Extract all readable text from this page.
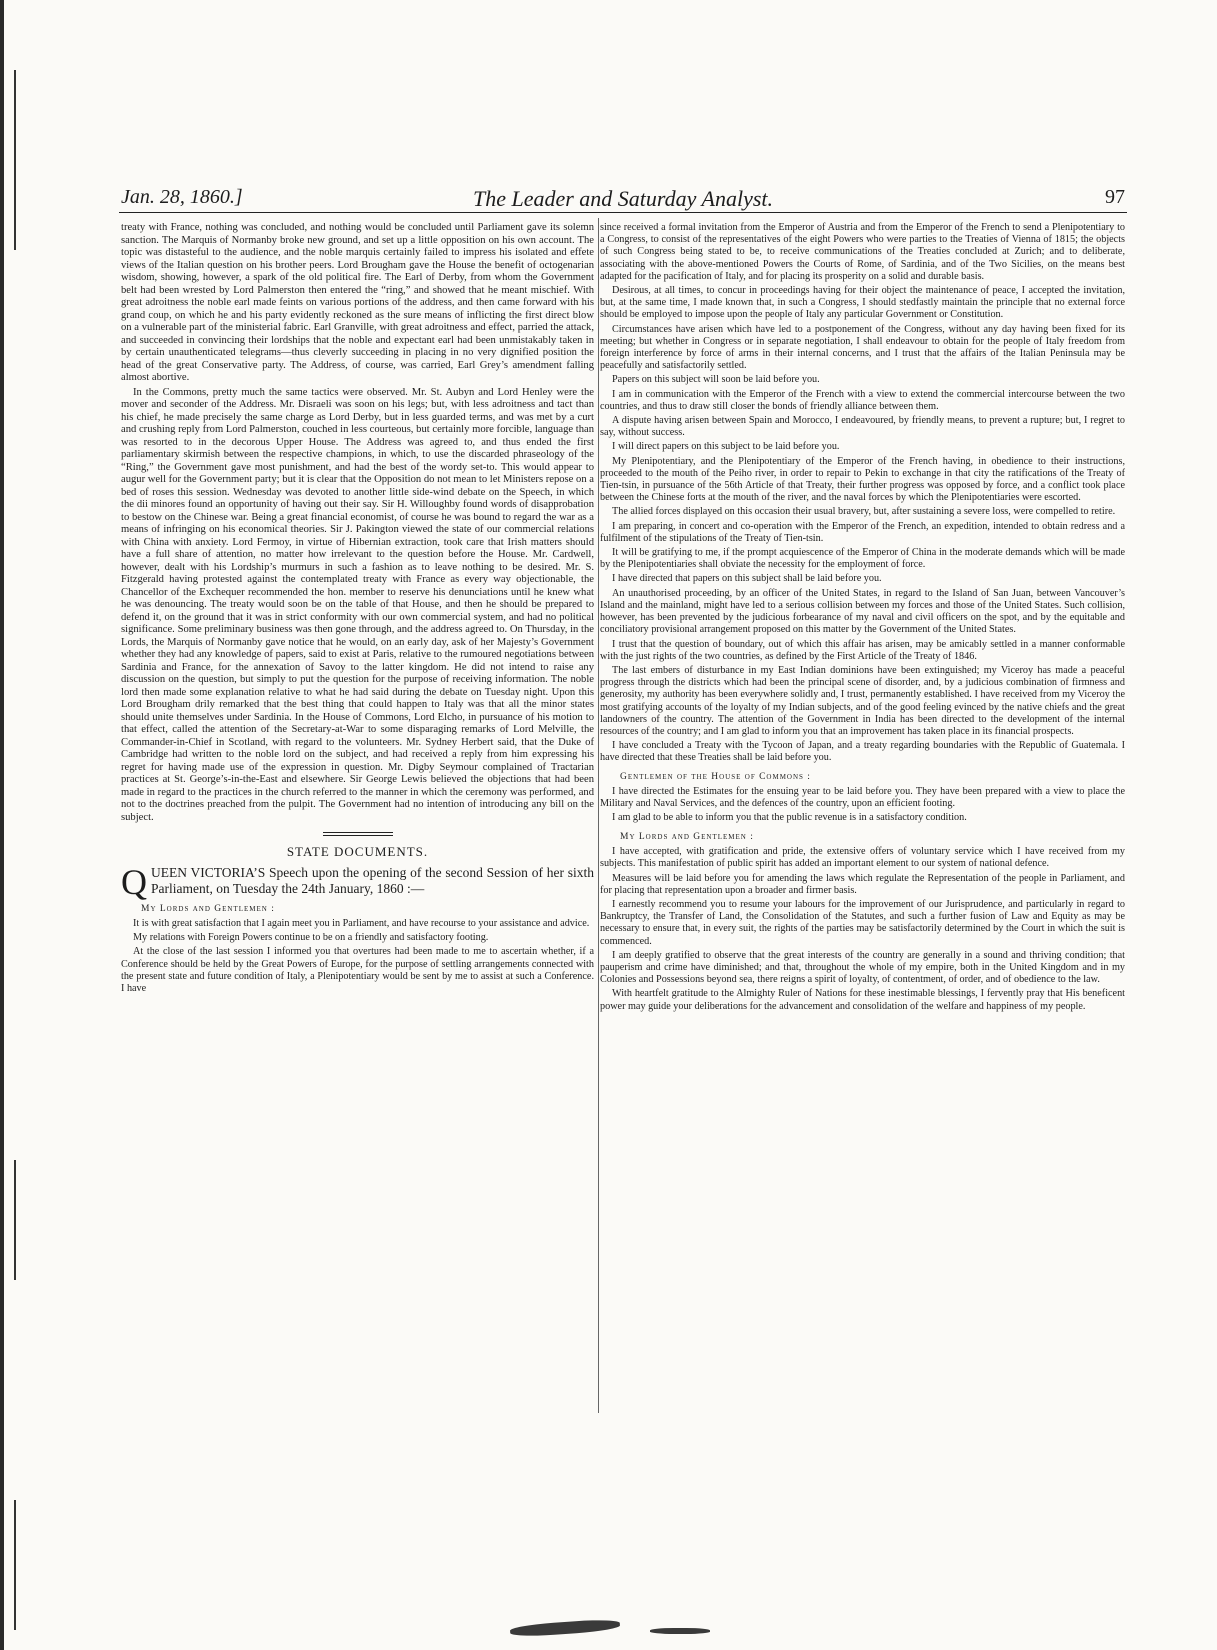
Jan. 28, 1860.]	The Leader and Saturday Analyst.	97

treaty with France, nothing was concluded, and nothing would be concluded until Parliament gave its solemn sanction. The Marquis of Normanby broke new ground, and set up a little opposition on his own account. The topic was distasteful to the audience, and the noble marquis certainly failed to impress his isolated and effete views of the Italian question on his brother peers. Lord Brougham gave the House the benefit of octogenarian wisdom, showing, however, a spark of the old political fire. The Earl of Derby, from whom the Government belt had been wrested by Lord Palmerston then entered the “ring,” and showed that he meant mischief. With great adroitness the noble earl made feints on various portions of the address, and then came forward with his grand coup, on which he and his party evidently reckoned as the sure means of inflicting the first direct blow on a vulnerable part of the ministerial fabric. Earl Granville, with great adroitness and effect, parried the attack, and succeeded in convincing their lordships that the noble and expectant earl had been unmistakably taken in by certain unauthenticated telegrams—thus cleverly succeeding in placing in no very dignified position the head of the great Conservative party. The Address, of course, was carried, Earl Grey’s amendment falling almost abortive.

In the Commons, pretty much the same tactics were observed. Mr. St. Aubyn and Lord Henley were the mover and seconder of the Address. Mr. Disraeli was soon on his legs; but, with less adroitness and tact than his chief, he made precisely the same charge as Lord Derby, but in less guarded terms, and was met by a curt and crushing reply from Lord Palmerston, couched in less courteous, but certainly more forcible, language than was resorted to in the decorous Upper House. The Address was agreed to, and thus ended the first parliamentary skirmish between the respective champions, in which, to use the discarded phraseology of the “Ring,” the Government gave most punishment, and had the best of the wordy set-to. This would appear to augur well for the Government party; but it is clear that the Opposition do not mean to let Ministers repose on a bed of roses this session. Wednesday was devoted to another little side-wind debate on the Speech, in which the dii minores found an opportunity of having out their say. Sir H. Willoughby found words of disapprobation to bestow on the Chinese war. Being a great financial economist, of course he was bound to regard the war as a means of infringing on his economical theories. Sir J. Pakington viewed the state of our commercial relations with China with anxiety. Lord Fermoy, in virtue of Hibernian extraction, took care that Irish matters should have a full share of attention, no matter how irrelevant to the question before the House. Mr. Cardwell, however, dealt with his Lordship’s murmurs in such a fashion as to leave nothing to be desired. Mr. S. Fitzgerald having protested against the contemplated treaty with France as every way objectionable, the Chancellor of the Exchequer recommended the hon. member to reserve his denunciations until he knew what he was denouncing. The treaty would soon be on the table of that House, and then he should be prepared to defend it, on the ground that it was in strict conformity with our own commercial system, and had no political significance. Some preliminary business was then gone through, and the address agreed to. On Thursday, in the Lords, the Marquis of Normanby gave notice that he would, on an early day, ask of her Majesty’s Government whether they had any knowledge of papers, said to exist at Paris, relative to the rumoured negotiations between Sardinia and France, for the annexation of Savoy to the latter kingdom. He did not intend to raise any discussion on the question, but simply to put the question for the purpose of receiving information. The noble lord then made some explanation relative to what he had said during the debate on Tuesday night. Upon this Lord Brougham drily remarked that the best thing that could happen to Italy was that all the minor states should unite themselves under Sardinia. In the House of Commons, Lord Elcho, in pursuance of his motion to that effect, called the attention of the Secretary-at-War to some disparaging remarks of Lord Melville, the Commander-in-Chief in Scotland, with regard to the volunteers. Mr. Sydney Herbert said, that the Duke of Cambridge had written to the noble lord on the subject, and had received a reply from him expressing his regret for having made use of the expression in question. Mr. Digby Seymour complained of Tractarian practices at St. George’s-in-the-East and elsewhere. Sir George Lewis believed the objections that had been made in regard to the practices in the church referred to the manner in which the ceremony was performed, and not to the doctrines preached from the pulpit. The Government had no intention of introducing any bill on the subject.

STATE DOCUMENTS.

QUEEN VICTORIA’S Speech upon the opening of the second Session of her sixth Parliament, on Tuesday the 24th January, 1860 :—

My Lords and Gentlemen :

It is with great satisfaction that I again meet you in Parliament, and have recourse to your assistance and advice.

My relations with Foreign Powers continue to be on a friendly and satisfactory footing.

At the close of the last session I informed you that overtures had been made to me to ascertain whether, if a Conference should be held by the Great Powers of Europe, for the purpose of settling arrangements connected with the present state and future condition of Italy, a Plenipotentiary would be sent by me to assist at such a Conference. I have

since received a formal invitation from the Emperor of Austria and from the Emperor of the French to send a Plenipotentiary to a Congress, to consist of the representatives of the eight Powers who were parties to the Treaties of Vienna of 1815; the objects of such Congress being stated to be, to receive communications of the Treaties concluded at Zurich; and to deliberate, associating with the above-mentioned Powers the Courts of Rome, of Sardinia, and of the Two Sicilies, on the means best adapted for the pacification of Italy, and for placing its prosperity on a solid and durable basis.

Desirous, at all times, to concur in proceedings having for their object the maintenance of peace, I accepted the invitation, but, at the same time, I made known that, in such a Congress, I should stedfastly maintain the principle that no external force should be employed to impose upon the people of Italy any particular Government or Constitution.

Circumstances have arisen which have led to a postponement of the Congress, without any day having been fixed for its meeting; but whether in Congress or in separate negotiation, I shall endeavour to obtain for the people of Italy freedom from foreign interference by force of arms in their internal concerns, and I trust that the affairs of the Italian Peninsula may be peacefully and satisfactorily settled.

Papers on this subject will soon be laid before you.

I am in communication with the Emperor of the French with a view to extend the commercial intercourse between the two countries, and thus to draw still closer the bonds of friendly alliance between them.

A dispute having arisen between Spain and Morocco, I endeavoured, by friendly means, to prevent a rupture; but, I regret to say, without success.

I will direct papers on this subject to be laid before you.

My Plenipotentiary, and the Plenipotentiary of the Emperor of the French having, in obedience to their instructions, proceeded to the mouth of the Peiho river, in order to repair to Pekin to exchange in that city the ratifications of the Treaty of Tien-tsin, in pursuance of the 56th Article of that Treaty, their further progress was opposed by force, and a conflict took place between the Chinese forts at the mouth of the river, and the naval forces by which the Plenipotentiaries were escorted.

The allied forces displayed on this occasion their usual bravery, but, after sustaining a severe loss, were compelled to retire.

I am preparing, in concert and co-operation with the Emperor of the French, an expedition, intended to obtain redress and a fulfilment of the stipulations of the Treaty of Tien-tsin.

It will be gratifying to me, if the prompt acquiescence of the Emperor of China in the moderate demands which will be made by the Plenipotentiaries shall obviate the necessity for the employment of force.

I have directed that papers on this subject shall be laid before you.

An unauthorised proceeding, by an officer of the United States, in regard to the Island of San Juan, between Vancouver’s Island and the mainland, might have led to a serious collision between my forces and those of the United States. Such collision, however, has been prevented by the judicious forbearance of my naval and civil officers on the spot, and by the equitable and conciliatory provisional arrangement proposed on this matter by the Government of the United States.

I trust that the question of boundary, out of which this affair has arisen, may be amicably settled in a manner conformable with the just rights of the two countries, as defined by the First Article of the Treaty of 1846.

The last embers of disturbance in my East Indian dominions have been extinguished; my Viceroy has made a peaceful progress through the districts which had been the principal scene of disorder, and, by a judicious combination of firmness and generosity, my authority has been everywhere solidly and, I trust, permanently established. I have received from my Viceroy the most gratifying accounts of the loyalty of my Indian subjects, and of the good feeling evinced by the native chiefs and the great landowners of the country. The attention of the Government in India has been directed to the development of the internal resources of the country; and I am glad to inform you that an improvement has taken place in its financial prospects.

I have concluded a Treaty with the Tycoon of Japan, and a treaty regarding boundaries with the Republic of Guatemala. I have directed that these Treaties shall be laid before you.

Gentlemen of the House of Commons :

I have directed the Estimates for the ensuing year to be laid before you. They have been prepared with a view to place the Military and Naval Services, and the defences of the country, upon an efficient footing.

I am glad to be able to inform you that the public revenue is in a satisfactory condition.

My Lords and Gentlemen :

I have accepted, with gratification and pride, the extensive offers of voluntary service which I have received from my subjects. This manifestation of public spirit has added an important element to our system of national defence.

Measures will be laid before you for amending the laws which regulate the Representation of the people in Parliament, and for placing that representation upon a broader and firmer basis.

I earnestly recommend you to resume your labours for the improvement of our Jurisprudence, and particularly in regard to Bankruptcy, the Transfer of Land, the Consolidation of the Statutes, and such a further fusion of Law and Equity as may be necessary to ensure that, in every suit, the rights of the parties may be satisfactorily determined by the Court in which the suit is commenced.

I am deeply gratified to observe that the great interests of the country are generally in a sound and thriving condition; that pauperism and crime have diminished; and that, throughout the whole of my empire, both in the United Kingdom and in my Colonies and Possessions beyond sea, there reigns a spirit of loyalty, of contentment, of order, and of obedience to the law.

With heartfelt gratitude to the Almighty Ruler of Nations for these inestimable blessings, I fervently pray that His beneficent power may guide your deliberations for the advancement and consolidation of the welfare and happiness of my people.
